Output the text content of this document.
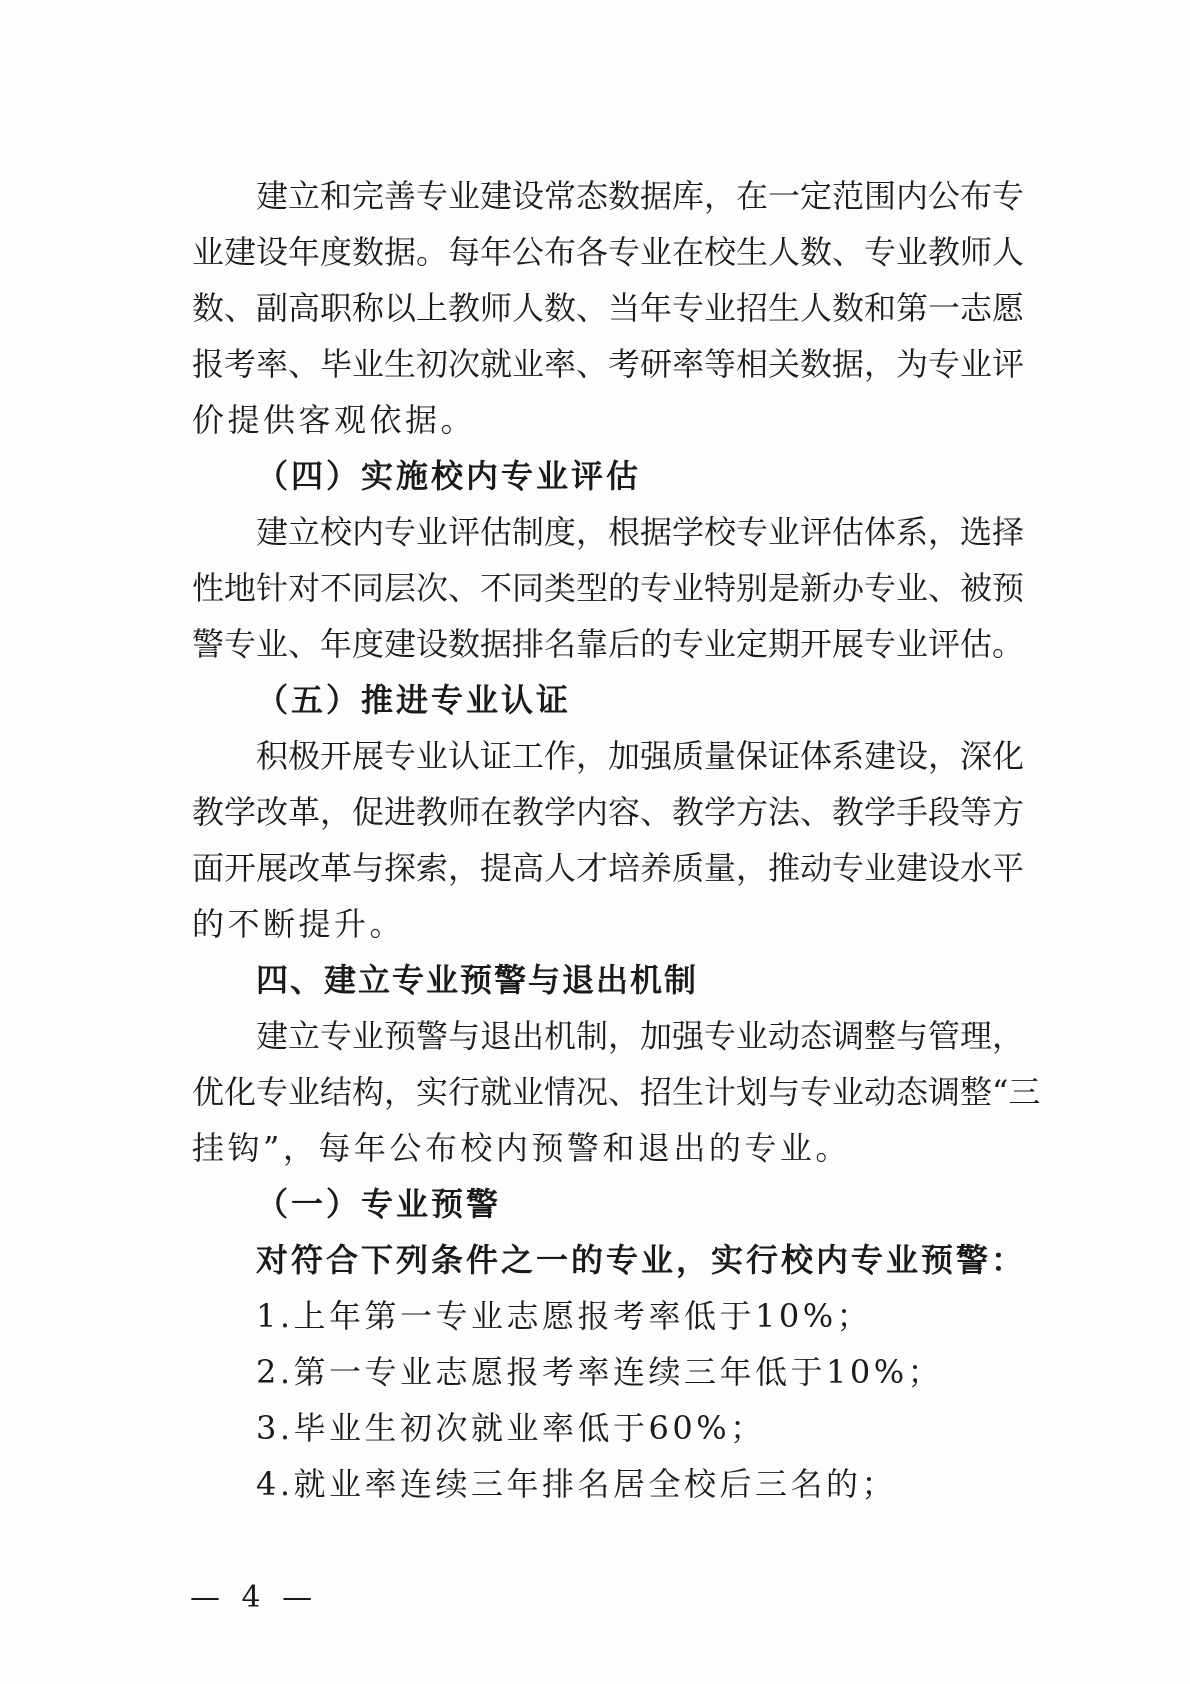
建立和完善专业建设常态数据库，在一定范围内公布专
业建设年度数据。每年公布各专业在校生人数、专业教师人
数、副高职称以上教师人数、当年专业招生人数和第一志愿
报考率、毕业生初次就业率、考研率等相关数据，为专业评
价提供客观依据。
（四）实施校内专业评估
建立校内专业评估制度，根据学校专业评估体系，选择
性地针对不同层次、不同类型的专业特别是新办专业、被预
警专业、年度建设数据排名靠后的专业定期开展专业评估。
（五）推进专业认证
积极开展专业认证工作，加强质量保证体系建设，深化
教学改革，促进教师在教学内容、教学方法、教学手段等方
面开展改革与探索，提高人才培养质量，推动专业建设水平
的不断提升。
四、建立专业预警与退出机制
建立专业预警与退出机制，加强专业动态调整与管理，
优化专业结构，实行就业情况、招生计划与专业动态调整“三
挂钩”，每年公布校内预警和退出的专业。
（一）专业预警
对符合下列条件之一的专业，实行校内专业预警：
1.上年第一专业志愿报考率低于10%；
2.第一专业志愿报考率连续三年低于10%；
3.毕业生初次就业率低于60%；
4.就业率连续三年排名居全校后三名的；
— 4 —
